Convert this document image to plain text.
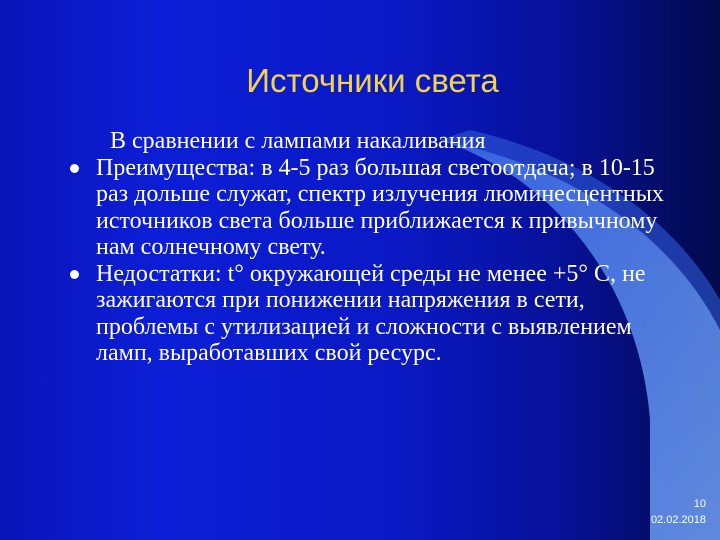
Источники света
В сравнении с лампами накаливания
Преимущества: в 4-5 раз большая светоотдача; в 10-15 раз дольше служат, спектр излучения люминесцентных источников света больше приближается к привычному нам солнечному свету.
Недостатки: t° окружающей среды не менее +5° С, не зажигаются при понижении напряжения в сети, проблемы с утилизацией и сложности с выявлением ламп, выработавших свой ресурс.
10
02.02.2018
